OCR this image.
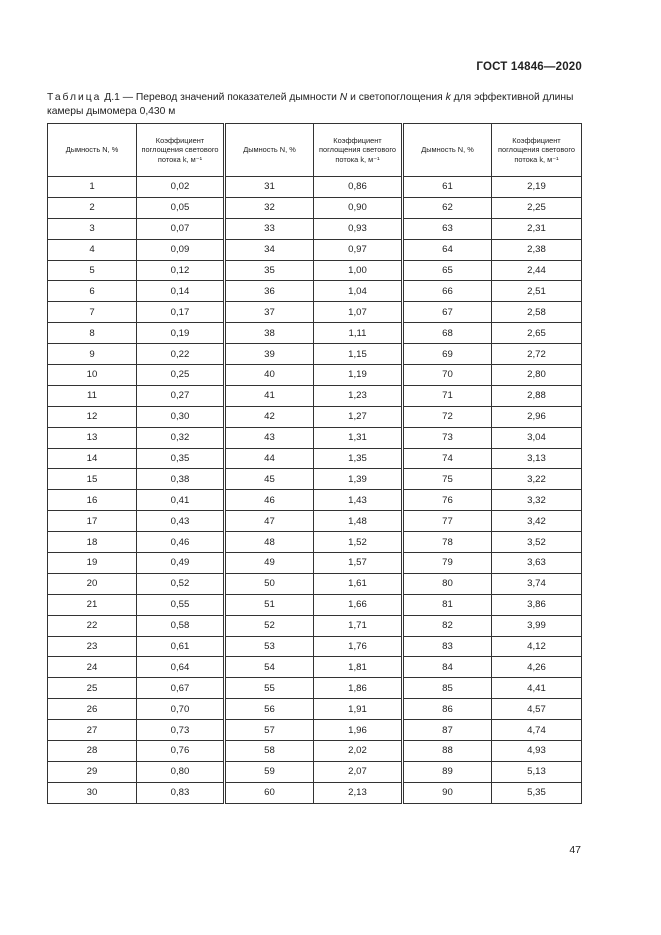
ГОСТ 14846—2020
Таблица Д.1 — Перевод значений показателей дымности N и светопоглощения k для эффективной длины камеры дымомера 0,430 м
Дымность N, %	Коэффициент поглощения светового потока k, м⁻¹	Дымность N, %	Коэффициент поглощения светового потока k, м⁻¹	Дымность N, %	Коэффициент поглощения светового потока k, м⁻¹
1	0,02	31	0,86	61	2,19
2	0,05	32	0,90	62	2,25
3	0,07	33	0,93	63	2,31
4	0,09	34	0,97	64	2,38
5	0,12	35	1,00	65	2,44
6	0,14	36	1,04	66	2,51
7	0,17	37	1,07	67	2,58
8	0,19	38	1,11	68	2,65
9	0,22	39	1,15	69	2,72
10	0,25	40	1,19	70	2,80
11	0,27	41	1,23	71	2,88
12	0,30	42	1,27	72	2,96
13	0,32	43	1,31	73	3,04
14	0,35	44	1,35	74	3,13
15	0,38	45	1,39	75	3,22
16	0,41	46	1,43	76	3,32
17	0,43	47	1,48	77	3,42
18	0,46	48	1,52	78	3,52
19	0,49	49	1,57	79	3,63
20	0,52	50	1,61	80	3,74
21	0,55	51	1,66	81	3,86
22	0,58	52	1,71	82	3,99
23	0,61	53	1,76	83	4,12
24	0,64	54	1,81	84	4,26
25	0,67	55	1,86	85	4,41
26	0,70	56	1,91	86	4,57
27	0,73	57	1,96	87	4,74
28	0,76	58	2,02	88	4,93
29	0,80	59	2,07	89	5,13
30	0,83	60	2,13	90	5,35
47
